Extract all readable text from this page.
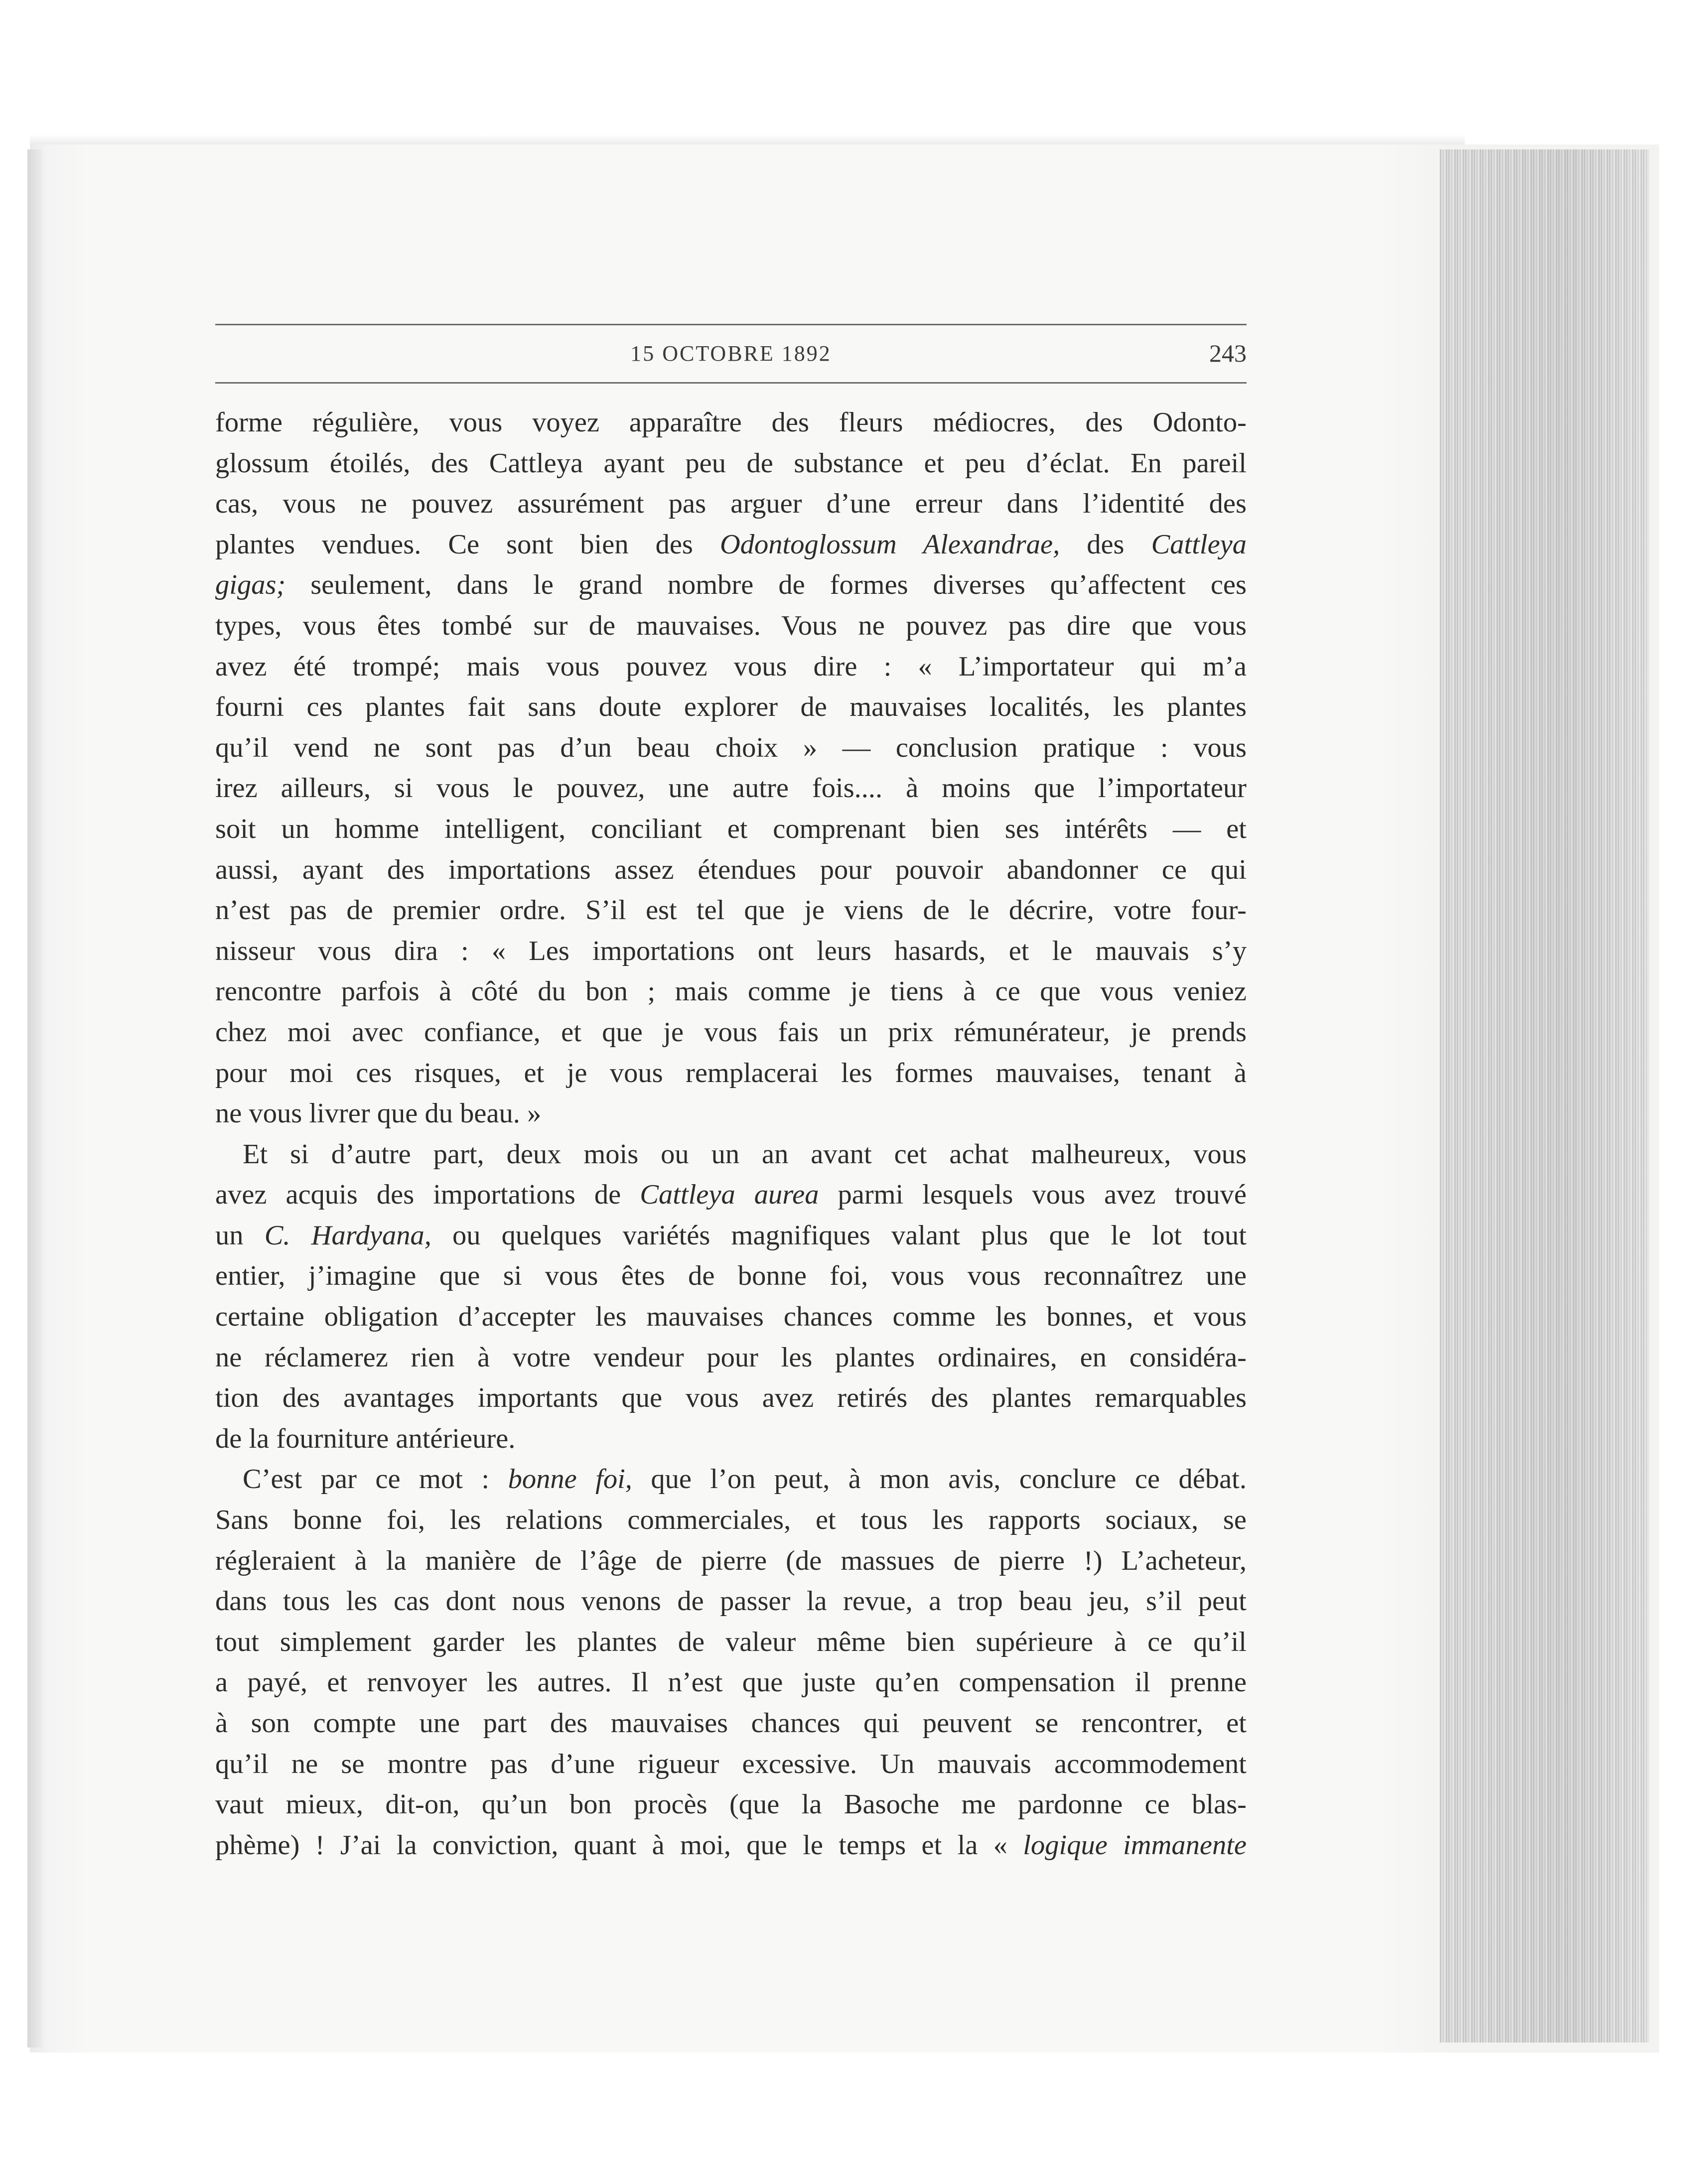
15 OCTOBRE 1892	243
forme régulière, vous voyez apparaître des fleurs médiocres, des Odonto-
glossum étoilés, des Cattleya ayant peu de substance et peu d’éclat. En pareil
cas, vous ne pouvez assurément pas arguer d’une erreur dans l’identité des
plantes vendues. Ce sont bien des Odontoglossum Alexandrae, des Cattleya
gigas; seulement, dans le grand nombre de formes diverses qu’affectent ces
types, vous êtes tombé sur de mauvaises. Vous ne pouvez pas dire que vous
avez été trompé; mais vous pouvez vous dire : « L’importateur qui m’a
fourni ces plantes fait sans doute explorer de mauvaises localités, les plantes
qu’il vend ne sont pas d’un beau choix » — conclusion pratique : vous
irez ailleurs, si vous le pouvez, une autre fois.... à moins que l’importateur
soit un homme intelligent, conciliant et comprenant bien ses intérêts — et
aussi, ayant des importations assez étendues pour pouvoir abandonner ce qui
n’est pas de premier ordre. S’il est tel que je viens de le décrire, votre four-
nisseur vous dira : « Les importations ont leurs hasards, et le mauvais s’y
rencontre parfois à côté du bon ; mais comme je tiens à ce que vous veniez
chez moi avec confiance, et que je vous fais un prix rémunérateur, je prends
pour moi ces risques, et je vous remplacerai les formes mauvaises, tenant à
ne vous livrer que du beau. »
Et si d’autre part, deux mois ou un an avant cet achat malheureux, vous
avez acquis des importations de Cattleya aurea parmi lesquels vous avez trouvé
un C. Hardyana, ou quelques variétés magnifiques valant plus que le lot tout
entier, j’imagine que si vous êtes de bonne foi, vous vous reconnaîtrez une
certaine obligation d’accepter les mauvaises chances comme les bonnes, et vous
ne réclamerez rien à votre vendeur pour les plantes ordinaires, en considéra-
tion des avantages importants que vous avez retirés des plantes remarquables
de la fourniture antérieure.
C’est par ce mot : bonne foi, que l’on peut, à mon avis, conclure ce débat.
Sans bonne foi, les relations commerciales, et tous les rapports sociaux, se
régleraient à la manière de l’âge de pierre (de massues de pierre !) L’acheteur,
dans tous les cas dont nous venons de passer la revue, a trop beau jeu, s’il peut
tout simplement garder les plantes de valeur même bien supérieure à ce qu’il
a payé, et renvoyer les autres. Il n’est que juste qu’en compensation il prenne
à son compte une part des mauvaises chances qui peuvent se rencontrer, et
qu’il ne se montre pas d’une rigueur excessive. Un mauvais accommodement
vaut mieux, dit-on, qu’un bon procès (que la Basoche me pardonne ce blas-
phème) ! J’ai la conviction, quant à moi, que le temps et la « logique immanente
